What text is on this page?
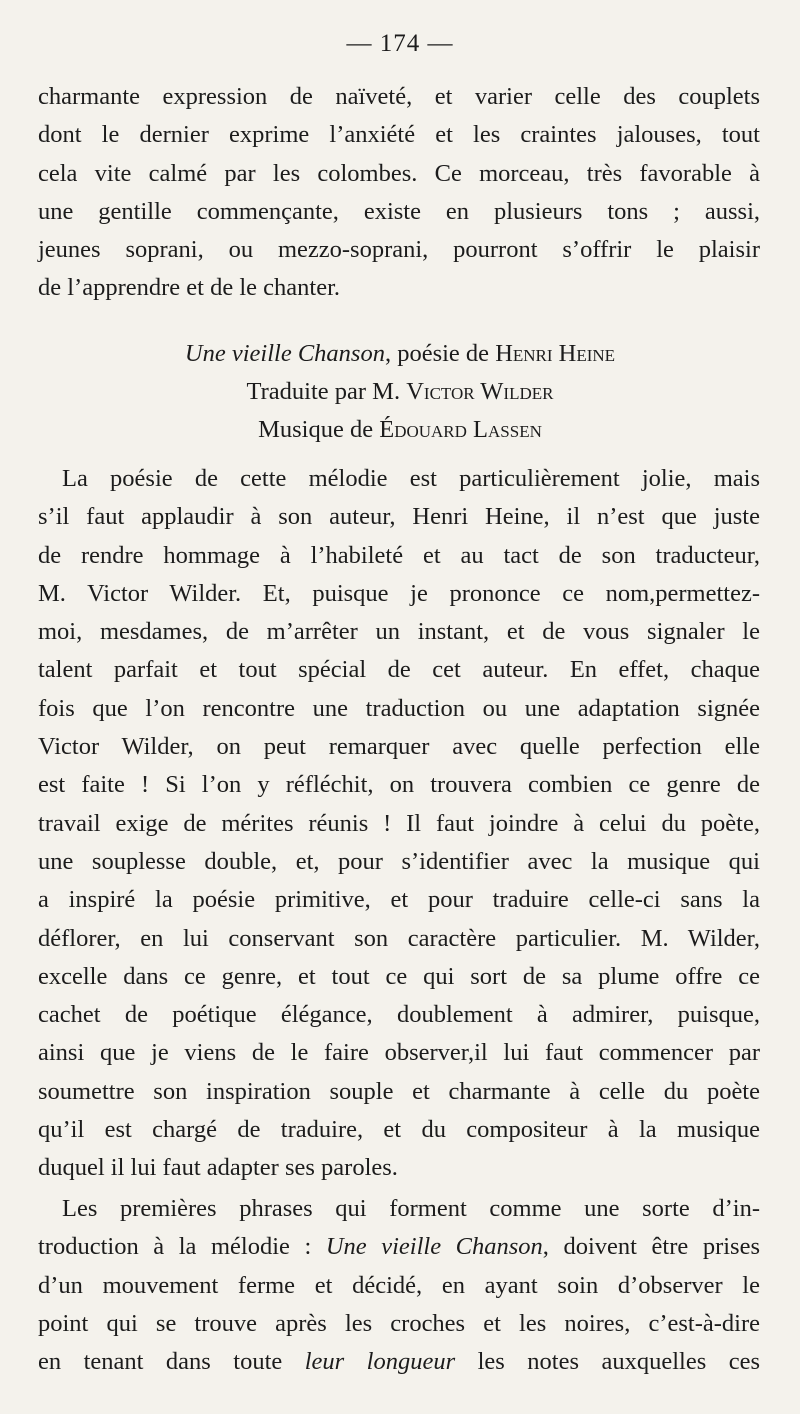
— 174 —
charmante expression de naïveté, et varier celle des couplets
dont le dernier exprime l’anxiété et les craintes jalouses, tout
cela vite calmé par les colombes. Ce morceau, très favorable à
une gentille commençante, existe en plusieurs tons ; aussi,
jeunes soprani, ou mezzo-soprani, pourront s’offrir le plaisir
de l’apprendre et de le chanter.
Une vieille Chanson, poésie de Henri Heine
Traduite par M. Victor Wilder
Musique de Édouard Lassen
La poésie de cette mélodie est particulièrement jolie, mais
s’il faut applaudir à son auteur, Henri Heine, il n’est que juste
de rendre hommage à l’habileté et au tact de son traducteur,
M. Victor Wilder. Et, puisque je prononce ce nom,permettez-
moi, mesdames, de m’arrêter un instant, et de vous signaler le
talent parfait et tout spécial de cet auteur. En effet, chaque
fois que l’on rencontre une traduction ou une adaptation signée
Victor Wilder, on peut remarquer avec quelle perfection elle
est faite ! Si l’on y réfléchit, on trouvera combien ce genre de
travail exige de mérites réunis ! Il faut joindre à celui du poète,
une souplesse double, et, pour s’identifier avec la musique qui
a inspiré la poésie primitive, et pour traduire celle-ci sans la
déflorer, en lui conservant son caractère particulier. M. Wilder,
excelle dans ce genre, et tout ce qui sort de sa plume offre ce
cachet de poétique élégance, doublement à admirer, puisque,
ainsi que je viens de le faire observer,il lui faut commencer par
soumettre son inspiration souple et charmante à celle du poète
qu’il est chargé de traduire, et du compositeur à la musique
duquel il lui faut adapter ses paroles.
Les premières phrases qui forment comme une sorte d’in-
troduction à la mélodie : Une vieille Chanson, doivent être prises
d’un mouvement ferme et décidé, en ayant soin d’observer le
point qui se trouve après les croches et les noires, c’est-à-dire
en tenant dans toute leur longueur les notes auxquelles ces
